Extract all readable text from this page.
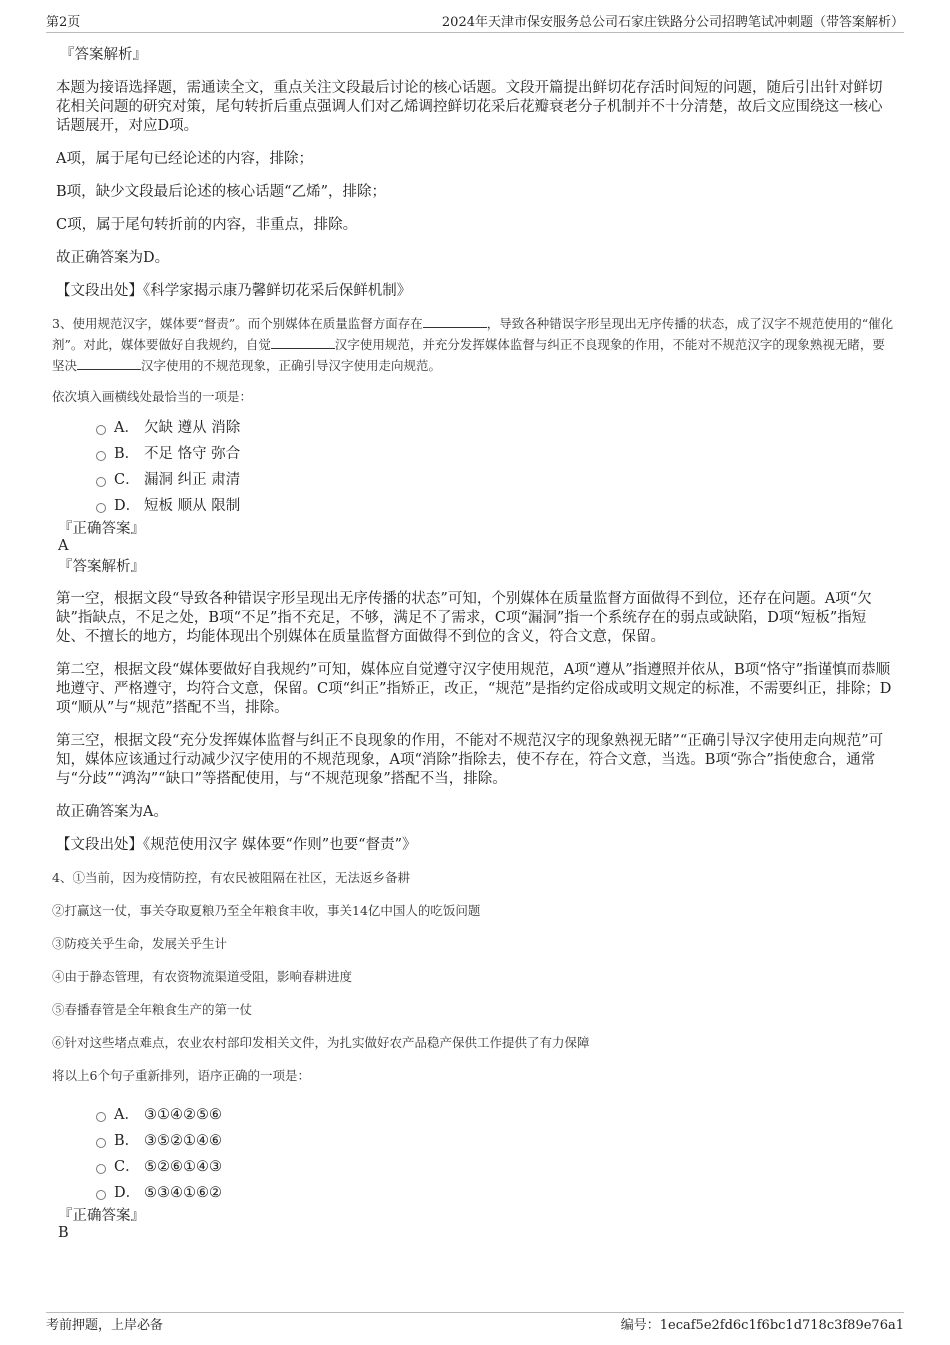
第2页	2024年天津市保安服务总公司石家庄铁路分公司招聘笔试冲刺题（带答案解析）

『答案解析』

本题为接语选择题，需通读全文，重点关注文段最后讨论的核心话题。文段开篇提出鲜切花存活时间短的问题，随后引出针对鲜切花相关问题的研究对策，尾句转折后重点强调人们对乙烯调控鲜切花采后花瓣衰老分子机制并不十分清楚，故后文应围绕这一核心话题展开，对应D项。

A项，属于尾句已经论述的内容，排除；

B项，缺少文段最后论述的核心话题“乙烯”，排除；

C项，属于尾句转折前的内容，非重点，排除。

故正确答案为D。

【文段出处】《科学家揭示康乃馨鲜切花采后保鲜机制》

3、使用规范汉字，媒体要“督责”。而个别媒体在质量监督方面存在	，导致各种错误字形呈现出无序传播的状态，成了汉字不规范使用的“催化剂”。对此，媒体要做好自我规约，自觉	汉字使用规范，并充分发挥媒体监督与纠正不良现象的作用，不能对不规范汉字的现象熟视无睹，要坚决	汉字使用的不规范现象，正确引导汉字使用走向规范。

依次填入画横线处最恰当的一项是：

A． 欠缺 遵从 消除
B． 不足 恪守 弥合
C． 漏洞 纠正 肃清
D． 短板 顺从 限制

『正确答案』

A

『答案解析』

第一空，根据文段“导致各种错误字形呈现出无序传播的状态”可知，个别媒体在质量监督方面做得不到位，还存在问题。A项“欠缺”指缺点，不足之处，B项“不足”指不充足，不够，满足不了需求，C项“漏洞”指一个系统存在的弱点或缺陷，D项“短板”指短处、不擅长的地方，均能体现出个别媒体在质量监督方面做得不到位的含义，符合文意，保留。

第二空，根据文段“媒体要做好自我规约”可知，媒体应自觉遵守汉字使用规范，A项“遵从”指遵照并依从，B项“恪守”指谨慎而恭顺地遵守、严格遵守，均符合文意，保留。C项“纠正”指矫正，改正，“规范”是指约定俗成或明文规定的标准，不需要纠正，排除；D项“顺从”与“规范”搭配不当，排除。

第三空，根据文段“充分发挥媒体监督与纠正不良现象的作用，不能对不规范汉字的现象熟视无睹”“正确引导汉字使用走向规范”可知，媒体应该通过行动减少汉字使用的不规范现象，A项“消除”指除去，使不存在，符合文意，当选。B项“弥合”指使愈合，通常与“分歧”“鸿沟”“缺口”等搭配使用，与“不规范现象”搭配不当，排除。

故正确答案为A。

【文段出处】《规范使用汉字 媒体要“作则”也要“督责”》

4、①当前，因为疫情防控，有农民被阻隔在社区，无法返乡备耕

②打赢这一仗，事关夺取夏粮乃至全年粮食丰收，事关14亿中国人的吃饭问题

③防疫关乎生命，发展关乎生计

④由于静态管理，有农资物流渠道受阻，影响春耕进度

⑤春播春管是全年粮食生产的第一仗

⑥针对这些堵点难点，农业农村部印发相关文件，为扎实做好农产品稳产保供工作提供了有力保障

将以上6个句子重新排列，语序正确的一项是：

A． ③①④②⑤⑥
B． ③⑤②①④⑥
C． ⑤②⑥①④③
D． ⑤③④①⑥②

『正确答案』

B

考前押题，上岸必备	编号：1ecaf5e2fd6c1f6bc1d718c3f89e76a1
